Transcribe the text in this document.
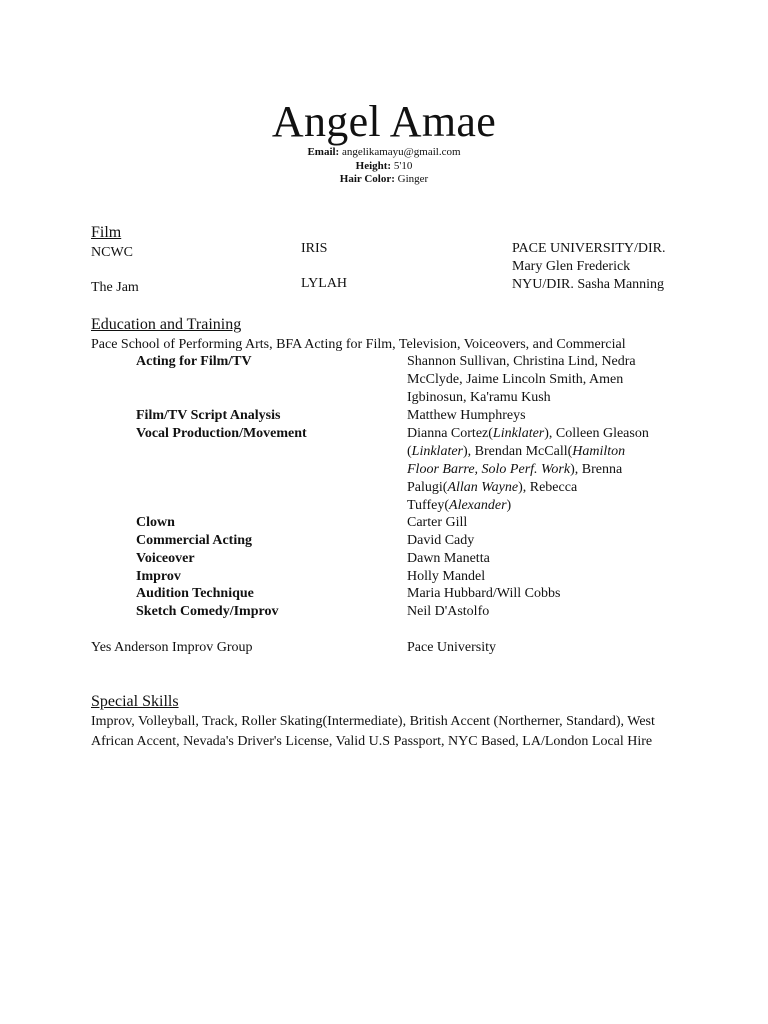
Angel Amae
Email: angelikamayu@gmail.com
Height: 5'10
Hair Color: Ginger
Film
NCWC	IRIS	PACE UNIVERSITY/DIR.
Mary Glen Frederick
The Jam	LYLAH	NYU/DIR. Sasha Manning
Education and Training
Pace School of Performing Arts, BFA Acting for Film, Television, Voiceovers, and Commercial
Acting for Film/TV	Shannon Sullivan, Christina Lind, Nedra McClyde, Jaime Lincoln Smith, Amen Igbinosun, Ka'ramu Kush
Film/TV Script Analysis	Matthew Humphreys
Vocal Production/Movement	Dianna Cortez(Linklater), Colleen Gleason (Linklater), Brendan McCall(Hamilton Floor Barre, Solo Perf. Work), Brenna Palugi(Allan Wayne), Rebecca Tuffey(Alexander)
Clown	Carter Gill
Commercial Acting	David Cady
Voiceover	Dawn Manetta
Improv	Holly Mandel
Audition Technique	Maria Hubbard/Will Cobbs
Sketch Comedy/Improv	Neil D'Astolfo
Yes Anderson Improv Group	Pace University
Special Skills
Improv, Volleyball, Track, Roller Skating(Intermediate), British Accent (Northerner, Standard), West African Accent, Nevada's Driver's License, Valid U.S Passport, NYC Based, LA/London Local Hire
